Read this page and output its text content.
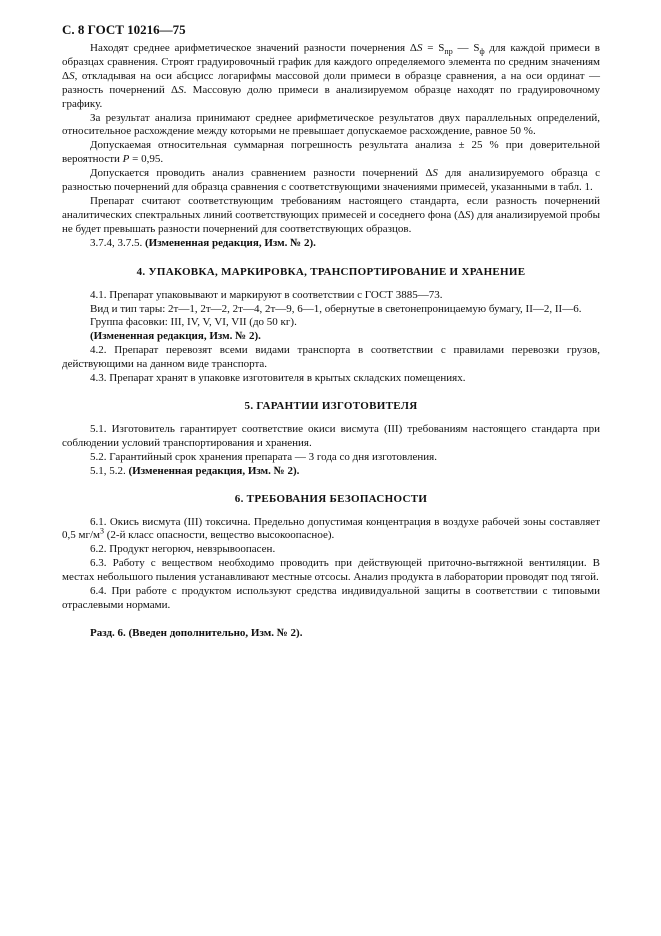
С. 8 ГОСТ 10216—75

Находят среднее арифметическое значений разности почернения $\Delta S = S_{пр}$ — $S_ф$ для каждой примеси в образцах сравнения. Строят градуировочный график для каждого определяемого элемента по средним значениям ΔS, откладывая на оси абсцисс логарифмы массовой доли примеси в образце сравнения, а на оси ординат — разность почернений ΔS. Массовую долю примеси в анализируемом образце находят по градуировочному графику.

За результат анализа принимают среднее арифметическое результатов двух параллельных определений, относительное расхождение между которыми не превышает допускаемое расхождение, равное 50 %.

Допускаемая относительная суммарная погрешность результата анализа ± 25 % при доверительной вероятности P = 0,95.

Допускается проводить анализ сравнением разности почернений ΔS для анализируемого образца с разностью почернений для образца сравнения с соответствующими значениями примесей, указанными в табл. 1.

Препарат считают соответствующим требованиям настоящего стандарта, если разность почернений аналитических спектральных линий соответствующих примесей и соседнего фона (ΔS) для анализируемой пробы не будет превышать разности почернений для соответствующих образцов.

3.7.4, 3.7.5. (Измененная редакция, Изм. № 2).

4. УПАКОВКА, МАРКИРОВКА, ТРАНСПОРТИРОВАНИЕ И ХРАНЕНИЕ

4.1. Препарат упаковывают и маркируют в соответствии с ГОСТ 3885—73.

Вид и тип тары: 2т—1, 2т—2, 2т—4, 2т—9, 6—1, обернутые в светонепроницаемую бумагу, II—2, II—6.

Группа фасовки: III, IV, V, VI, VII (до 50 кг).

(Измененная редакция, Изм. № 2).

4.2. Препарат перевозят всеми видами транспорта в соответствии с правилами перевозки грузов, действующими на данном виде транспорта.

4.3. Препарат хранят в упаковке изготовителя в крытых складских помещениях.

5. ГАРАНТИИ ИЗГОТОВИТЕЛЯ

5.1. Изготовитель гарантирует соответствие окиси висмута (III) требованиям настоящего стандарта при соблюдении условий транспортирования и хранения.

5.2. Гарантийный срок хранения препарата — 3 года со дня изготовления.

5.1, 5.2. (Измененная редакция, Изм. № 2).

6. ТРЕБОВАНИЯ БЕЗОПАСНОСТИ

6.1. Окись висмута (III) токсична. Предельно допустимая концентрация в воздухе рабочей зоны составляет 0,5 $мг/м^3$ (2-й класс опасности, вещество высокоопасное).

6.2. Продукт негорюч, невзрывоопасен.

6.3. Работу с веществом необходимо проводить при действующей приточно-вытяжной вентиляции. В местах небольшого пыления устанавливают местные отсосы. Анализ продукта в лаборатории проводят под тягой.

6.4. При работе с продуктом используют средства индивидуальной защиты в соответствии с типовыми отраслевыми нормами.

Разд. 6. (Введен дополнительно, Изм. № 2).
